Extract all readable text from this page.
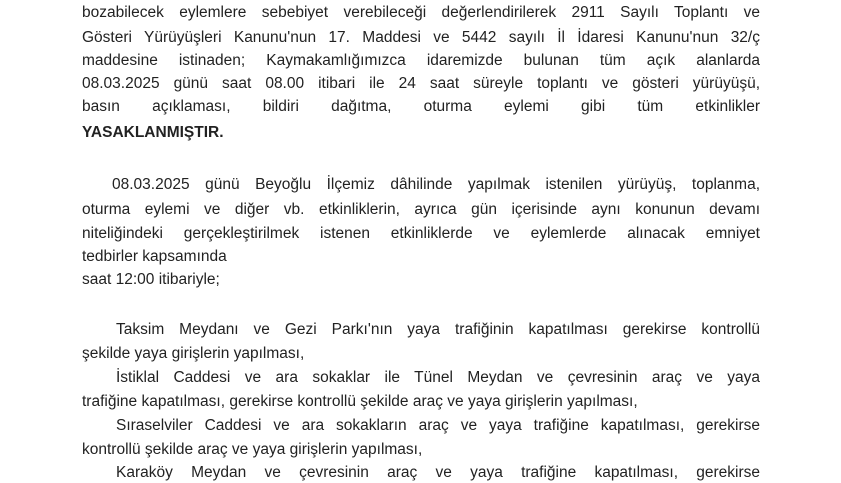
bozabilecek eylemlere sebebiyet verebileceği değerlendirilerek 2911 Sayılı Toplantı ve
Gösteri Yürüyüşleri Kanunu'nun 17. Maddesi ve 5442 sayılı İl İdaresi Kanunu'nun 32/ç
maddesine istinaden; Kaymakamlığımızca idaremizde bulunan tüm açık alanlarda
08.03.2025 günü saat 08.00 itibari ile 24 saat süreyle toplantı ve gösteri yürüyüşü,
basın açıklaması, bildiri dağıtma, oturma eylemi gibi tüm etkinlikler
YASAKLANMIŞTIR.
08.03.2025 günü Beyoğlu İlçemiz dâhilinde yapılmak istenilen yürüyüş, toplanma,
oturma eylemi ve diğer vb. etkinliklerin, ayrıca gün içerisinde aynı konunun devamı
niteliğindeki gerçekleştirilmek istenen etkinliklerde ve eylemlerde alınacak emniyet
tedbirler kapsamında
saat 12:00 itibariyle;
Taksim Meydanı ve Gezi Parkı'nın yaya trafiğinin kapatılması gerekirse kontrollü
şekilde yaya girişlerin yapılması,
İstiklal Caddesi ve ara sokaklar ile Tünel Meydan ve çevresinin araç ve yaya
trafiğine kapatılması, gerekirse kontrollü şekilde araç ve yaya girişlerin yapılması,
Sıraselviler Caddesi ve ara sokakların araç ve yaya trafiğine kapatılması, gerekirse
kontrollü şekilde araç ve yaya girişlerin yapılması,
Karaköy Meydan ve çevresinin araç ve yaya trafiğine kapatılması, gerekirse
